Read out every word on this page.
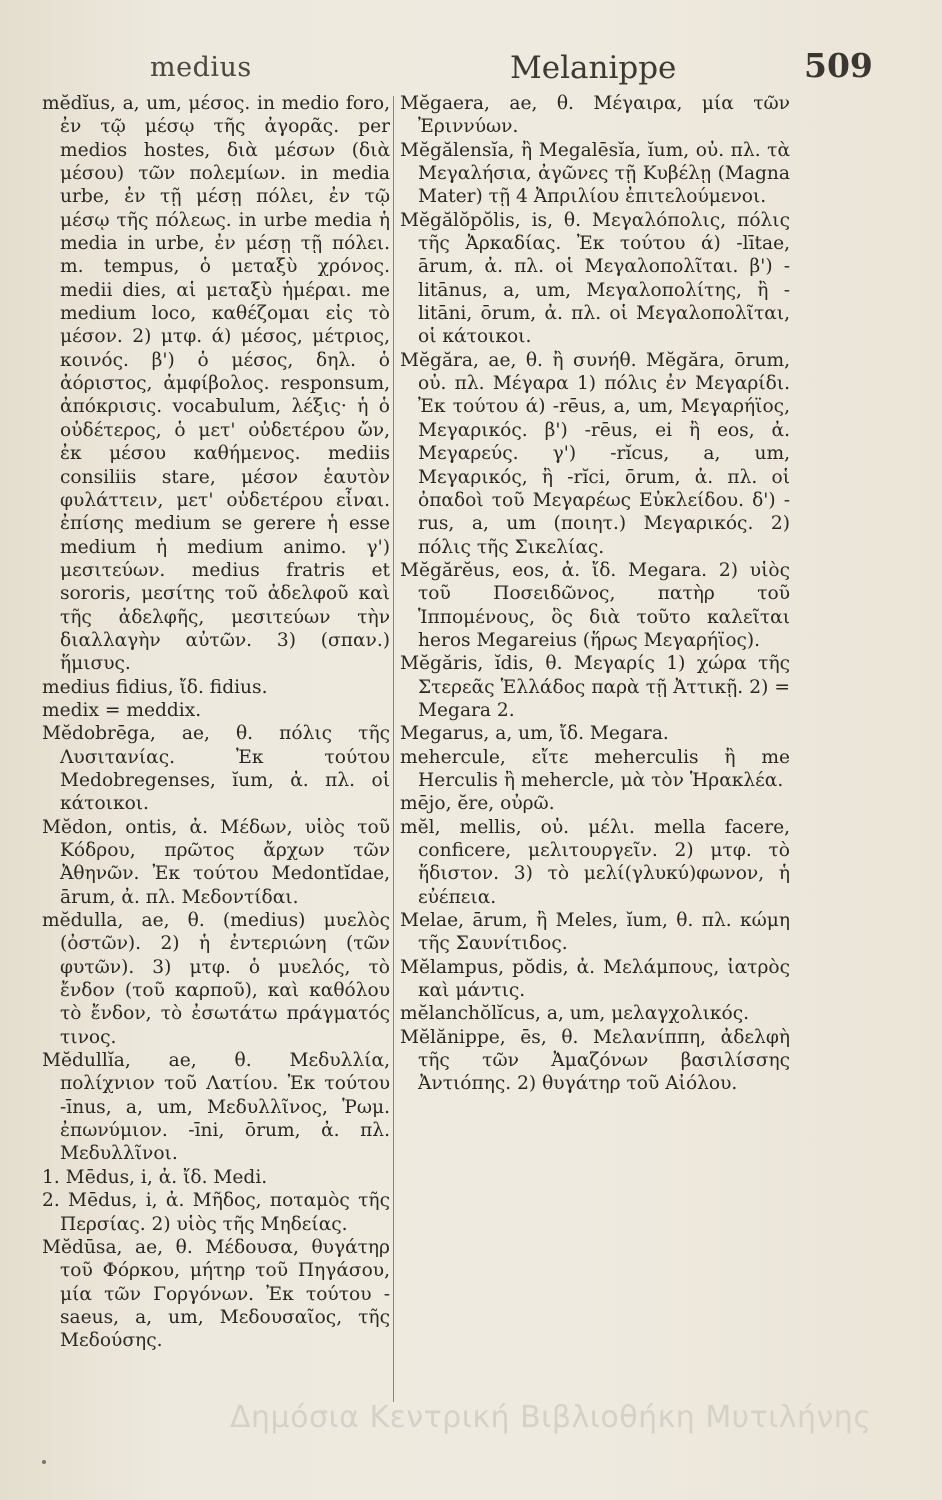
medius	Melanippe	509

mĕdĭus, a, um, μέσος. in medio foro, ἐν τῷ μέσῳ τῆς ἀγορᾶς. per medios hostes, διὰ μέσων (διὰ μέσου) τῶν πολεμίων. in media urbe, ἐν τῇ μέσῃ πόλει, ἐν τῷ μέσῳ τῆς πόλεως. in urbe media ἡ media in urbe, ἐν μέσῃ τῇ πόλει. m. tempus, ὁ μεταξὺ χρόνος. medii dies, αἱ μεταξὺ ἡμέραι. me medium loco, καθέζομαι εἰς τὸ μέσον. 2) μτφ. ά) μέσος, μέτριος, κοινός. β') ὁ μέσος, δηλ. ὁ ἀόριστος, ἀμφίβολος. responsum, ἀπόκρισις. vocabulum, λέξις· ἡ ὁ οὐδέτερος, ὁ μετ' οὐδετέρου ὤν, ἐκ μέσου καθήμενος. mediis consiliis stare, μέσον ἑαυτὸν φυλάττειν, μετ' οὐδετέρου εἶναι. ἐπίσης medium se gerere ἡ esse medium ἡ medium animo. γ') μεσιτεύων. medius fratris et sororis, μεσίτης τοῦ ἀδελφοῦ καὶ τῆς ἀδελφῆς, μεσιτεύων τὴν διαλλαγὴν αὐτῶν. 3) (σπαν.) ἥμισυς.

medius fidius, ἴδ. fidius.

medix = meddix.

Mĕdobrēga, ae, θ. πόλις τῆς Λυσιτανίας. Ἐκ τούτου Medobregenses, ĭum, ἀ. πλ. οἱ κάτοικοι.

Mĕdon, ontis, ἀ. Μέδων, υἱὸς τοῦ Κόδρου, πρῶτος ἄρχων τῶν Ἀθηνῶν. Ἐκ τούτου Medontĭdae, ārum, ἀ. πλ. Μεδοντίδαι.

mĕdulla, ae, θ. (medius) μυελὸς (ὀστῶν). 2) ἡ ἐντεριώνη (τῶν φυτῶν). 3) μτφ. ὁ μυελός, τὸ ἔνδον (τοῦ καρποῦ), καὶ καθόλου τὸ ἔνδον, τὸ ἐσωτάτω πράγματός τινος.

Mĕdullĭa, ae, θ. Μεδυλλία, πολίχνιον τοῦ Λατίου. Ἐκ τούτου -īnus, a, um, Μεδυλλῖνος, Ῥωμ. ἐπωνύμιον. -īni, ōrum, ἀ. πλ. Μεδυλλῖνοι.

1. Mēdus, i, ἀ. ἴδ. Medi.

2. Mēdus, i, ἀ. Μῆδος, ποταμὸς τῆς Περσίας. 2) υἱὸς τῆς Μηδείας.

Mĕdūsa, ae, θ. Μέδουσα, θυγάτηρ τοῦ Φόρκου, μήτηρ τοῦ Πηγάσου, μία τῶν Γοργόνων. Ἐκ τούτου -saeus, a, um, Μεδουσαῖος, τῆς Μεδούσης.

Mĕgaera, ae, θ. Μέγαιρα, μία τῶν Ἐριννύων.

Mĕgălensĭa, ἢ Megalēsĭa, ĭum, οὐ. πλ. τὰ Μεγαλήσια, ἀγῶνες τῇ Κυβέλῃ (Magna Mater) τῇ 4 Ἀπριλίου ἐπιτελούμενοι.

Mĕgălŏpŏlis, is, θ. Μεγαλόπολις, πόλις τῆς Ἀρκαδίας. Ἐκ τούτου ά) -lītae, ārum, ἀ. πλ. οἱ Μεγαλοπολῖται. β') -litānus, a, um, Μεγαλοπολίτης, ἢ -litāni, ōrum, ἀ. πλ. οἱ Μεγαλοπολῖται, οἱ κάτοικοι.

Mĕgăra, ae, θ. ἢ συνήθ. Mĕgăra, ōrum, οὐ. πλ. Μέγαρα 1) πόλις ἐν Μεγαρίδι. Ἐκ τούτου ά) -rēus, a, um, Μεγαρήϊος, Μεγαρικός. β') -rēus, ei ἢ eos, ἀ. Μεγαρεύς. γ') -rĭcus, a, um, Μεγαρικός, ἢ -rĭci, ōrum, ἀ. πλ. οἱ ὀπαδοὶ τοῦ Μεγαρέως Εὐκλείδου. δ') -rus, a, um (ποιητ.) Μεγαρικός. 2) πόλις τῆς Σικελίας.

Mĕgărĕus, eos, ἀ. ἴδ. Megara. 2) υἱὸς τοῦ Ποσειδῶνος, πατὴρ τοῦ Ἱππομένους, ὃς διὰ τοῦτο καλεῖται heros Megareius (ἥρως Μεγαρήϊος).

Mĕgăris, ĭdis, θ. Μεγαρίς 1) χώρα τῆς Στερεᾶς Ἑλλάδος παρὰ τῇ Ἀττικῇ. 2) = Megara 2.

Megarus, a, um, ἴδ. Megara.

mehercule, εἴτε meherculis ἢ me Herculis ἢ mehercle, μὰ τὸν Ἡρακλέα.

mējo, ĕre, οὐρῶ.

mĕl, mellis, οὐ. μέλι. mella facere, conficere, μελιτουργεῖν. 2) μτφ. τὸ ἥδιστον. 3) τὸ μελί(γλυκύ)φωνον, ἡ εὐέπεια.

Melae, ārum, ἢ Meles, ĭum, θ. πλ. κώμη τῆς Σαυνίτιδος.

Mĕlampus, pŏdis, ἀ. Μελάμπους, ἰατρὸς καὶ μάντις.

mĕlanchŏlĭcus, a, um, μελαγχολικός.

Mĕlănippe, ēs, θ. Μελανίππη, ἀδελφὴ τῆς τῶν Ἀμαζόνων βασιλίσσης Ἀντιόπης. 2) θυγάτηρ τοῦ Αἰόλου.

Δημόσια Κεντρική Βιβλιοθήκη Μυτιλήνης
